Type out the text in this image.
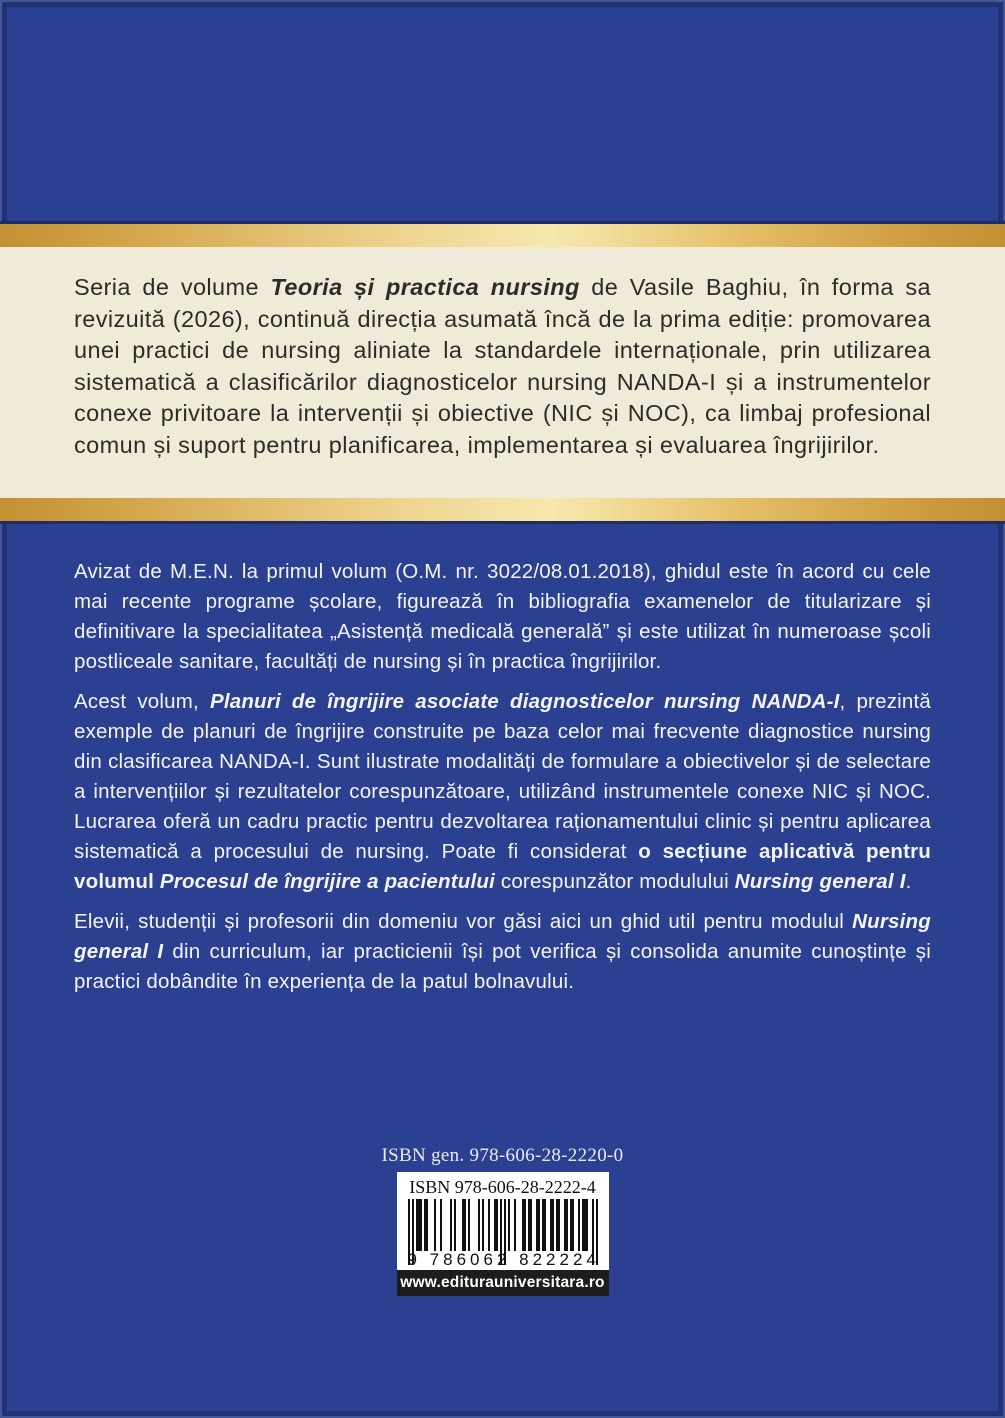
Seria de volume Teoria și practica nursing de Vasile Baghiu, în forma sa revizuită (2026), continuă direcția asumată încă de la prima ediție: promovarea unei practici de nursing aliniate la standardele internaționale, prin utilizarea sistematică a clasificărilor diagnosticelor nursing NANDA-I și a instrumentelor conexe privitoare la intervenții și obiective (NIC și NOC), ca limbaj profesional comun și suport pentru planificarea, implementarea și evaluarea îngrijirilor.

Avizat de M.E.N. la primul volum (O.M. nr. 3022/08.01.2018), ghidul este în acord cu cele mai recente programe școlare, figurează în bibliografia examenelor de titularizare și definitivare la specialitatea „Asistență medicală generală” și este utilizat în numeroase școli postliceale sanitare, facultăți de nursing și în practica îngrijirilor.

Acest volum, Planuri de îngrijire asociate diagnosticelor nursing NANDA-I, prezintă exemple de planuri de îngrijire construite pe baza celor mai frecvente diagnostice nursing din clasificarea NANDA-I. Sunt ilustrate modalități de formulare a obiectivelor și de selectare a intervențiilor și rezultatelor corespunzătoare, utilizând instrumentele conexe NIC și NOC. Lucrarea oferă un cadru practic pentru dezvoltarea raționamentului clinic și pentru aplicarea sistematică a procesului de nursing. Poate fi considerat o secțiune aplicativă pentru volumul Procesul de îngrijire a pacientului corespunzător modulului Nursing general I.

Elevii, studenții și profesorii din domeniu vor găsi aici un ghid util pentru modulul Nursing general I din curriculum, iar practicienii își pot verifica și consolida anumite cunoștințe și practici dobândite în experiența de la patul bolnavului.

ISBN gen. 978-606-28-2220-0
ISBN 978-606-28-2222-4
9 786062 822224
www.editurauniversitara.ro
